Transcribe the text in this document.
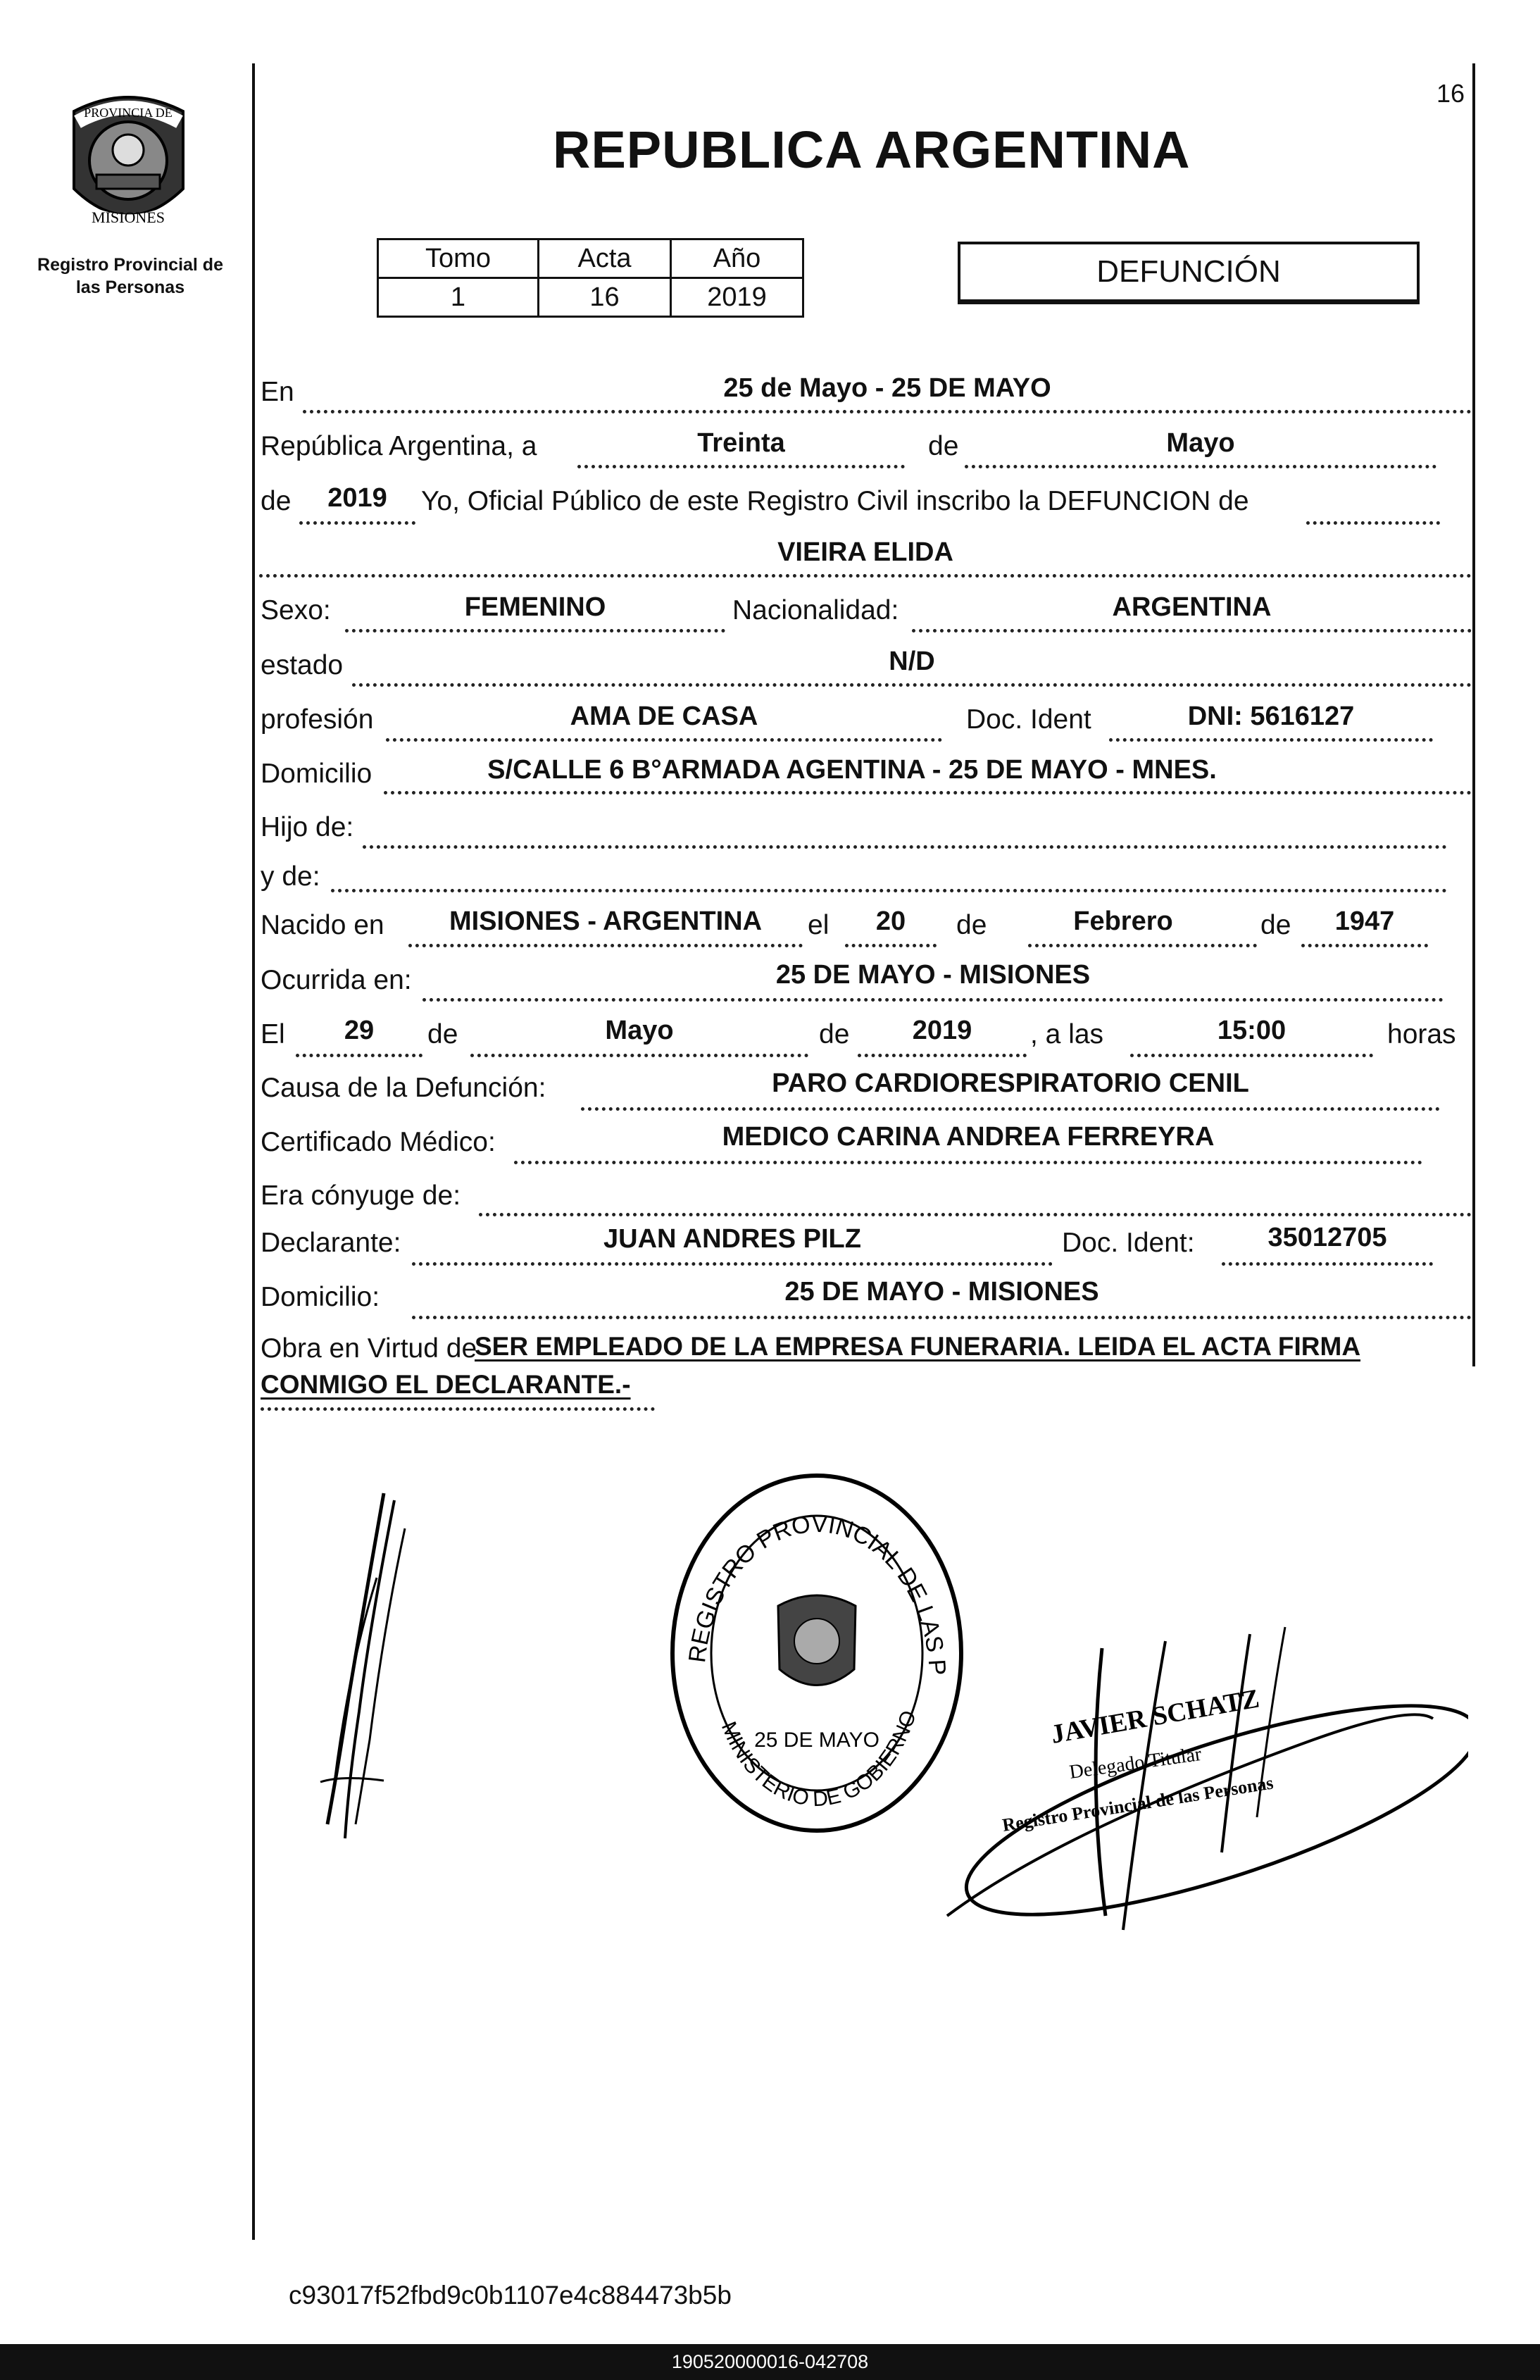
PROVINCIA DE
MISIONES
Registro Provincial de las Personas
16
REPUBLICA ARGENTINA
Tomo	Acta	Año
1	16	2019
DEFUNCIÓN
En	25 de Mayo - 25 DE MAYO
República Argentina, a	Treinta	de	Mayo
de	2019	Yo, Oficial Público de este Registro Civil inscribo la DEFUNCION de
VIEIRA ELIDA
Sexo:	FEMENINO	Nacionalidad:	ARGENTINA
estado	N/D
profesión	AMA DE CASA	Doc. Ident	DNI: 5616127
Domicilio	S/CALLE 6 B°ARMADA AGENTINA - 25 DE MAYO - MNES.
Hijo de:
y de:
Nacido en	MISIONES - ARGENTINA	el	20	de	Febrero	de	1947
Ocurrida en:	25 DE MAYO - MISIONES
El	29	de	Mayo	de	2019	, a las	15:00	horas
Causa de la Defunción:	PARO CARDIORESPIRATORIO CENIL
Certificado Médico:	MEDICO CARINA ANDREA FERREYRA
Era cónyuge de:
Declarante:	JUAN ANDRES PILZ	Doc. Ident:	35012705
Domicilio:	25 DE MAYO - MISIONES
Obra en Virtud de
SER EMPLEADO DE LA EMPRESA FUNERARIA. LEIDA EL ACTA FIRMA
CONMIGO EL DECLARANTE.-
REGISTRO PROVINCIAL DE LAS P
25 DE MAYO
MINISTERIO DE GOBIERNO	JAVIER SCHATZ
Delegado Titular
Registro Provincial de las Personas
c93017f52fbd9c0b1107e4c884473b5b
190520000016-042708
